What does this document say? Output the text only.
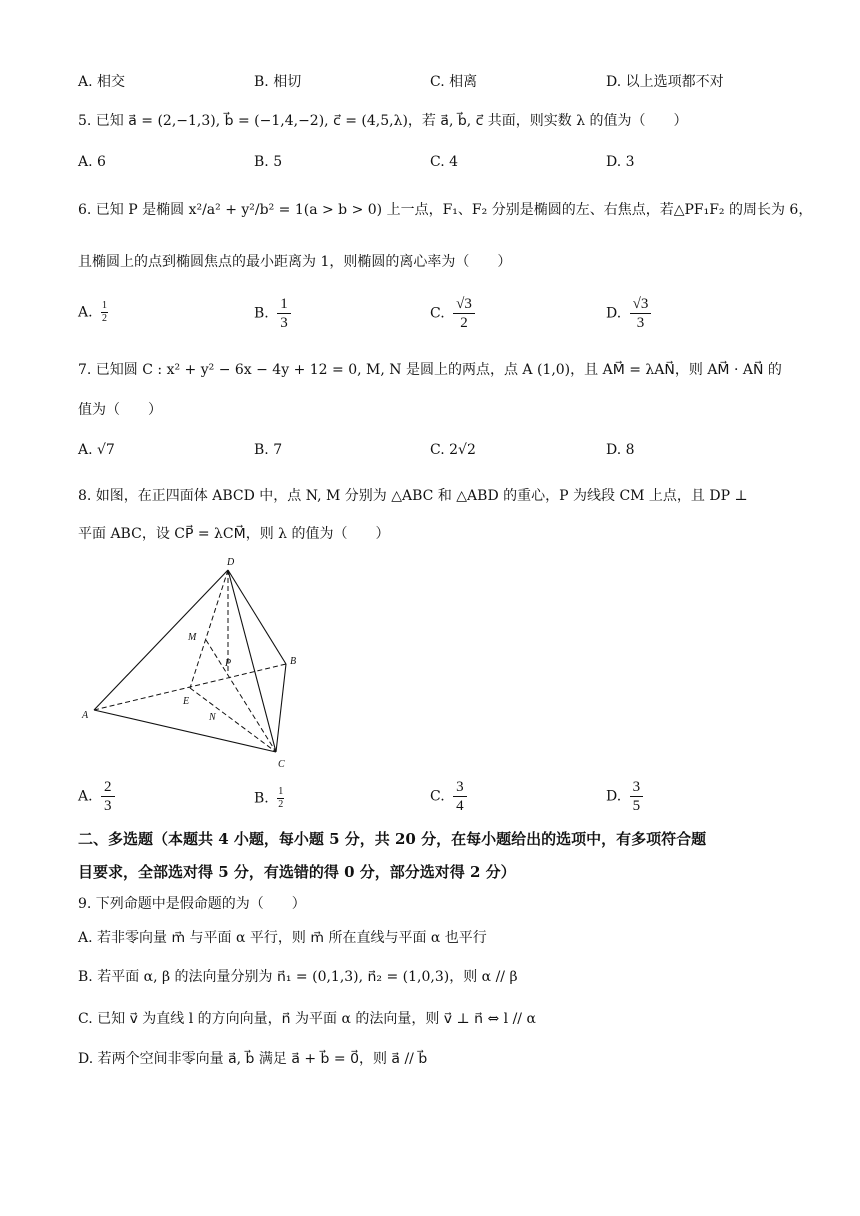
A. 相交	B. 相切	C. 相离	D. 以上选项都不对
5. 已知 a⃗ = (2,−1,3), b⃗ = (−1,4,−2), c⃗ = (4,5,λ)，若 a⃗, b⃗, c⃗ 共面，则实数 λ 的值为（　　）
A. 6	B. 5	C. 4	D. 3
6. 已知 P 是椭圆 x²/a² + y²/b² = 1(a > b > 0) 上一点，F₁、F₂ 分别是椭圆的左、右焦点，若△PF₁F₂ 的周长为 6，
且椭圆上的点到椭圆焦点的最小距离为 1，则椭圆的离心率为（　　）
A. $\frac{1}{2}$	B. $\frac{1}{3}$	C. $\frac{√3}{2}$	D. $\frac{√3}{3}$
7. 已知圆 C : x² + y² − 6x − 4y + 12 = 0, M, N 是圆上的两点，点 A (1,0)，且 AM⃗ = λAN⃗，则 AM⃗ · AN⃗ 的
值为（　　）
A. √7	B. 7	C. 2√2	D. 8
8. 如图，在正四面体 ABCD 中，点 N, M 分别为 △ABC 和 △ABD 的重心，P 为线段 CM 上点，且 DP ⊥
平面 ABC，设 CP⃗ = λCM⃗，则 λ 的值为（　　）
D
M
P	B
E
N
A
C
A. $\frac{2}{3}$	B. $\frac{1}{2}$	C. $\frac{3}{4}$	D. $\frac{3}{5}$
二、多选题（本题共 4 小题，每小题 5 分，共 20 分，在每小题给出的选项中，有多项符合题
目要求，全部选对得 5 分，有选错的得 0 分，部分选对得 2 分）
9. 下列命题中是假命题的为（　　）
A. 若非零向量 m⃗ 与平面 α 平行，则 m⃗ 所在直线与平面 α 也平行
B. 若平面 α, β 的法向量分别为 n⃗₁ = (0,1,3), n⃗₂ = (1,0,3)，则 α // β
C. 已知 v⃗ 为直线 l 的方向向量，n⃗ 为平面 α 的法向量，则 v⃗ ⊥ n⃗ ⇔ l // α
D. 若两个空间非零向量 a⃗, b⃗ 满足 a⃗ + b⃗ = 0⃗，则 a⃗ // b⃗
